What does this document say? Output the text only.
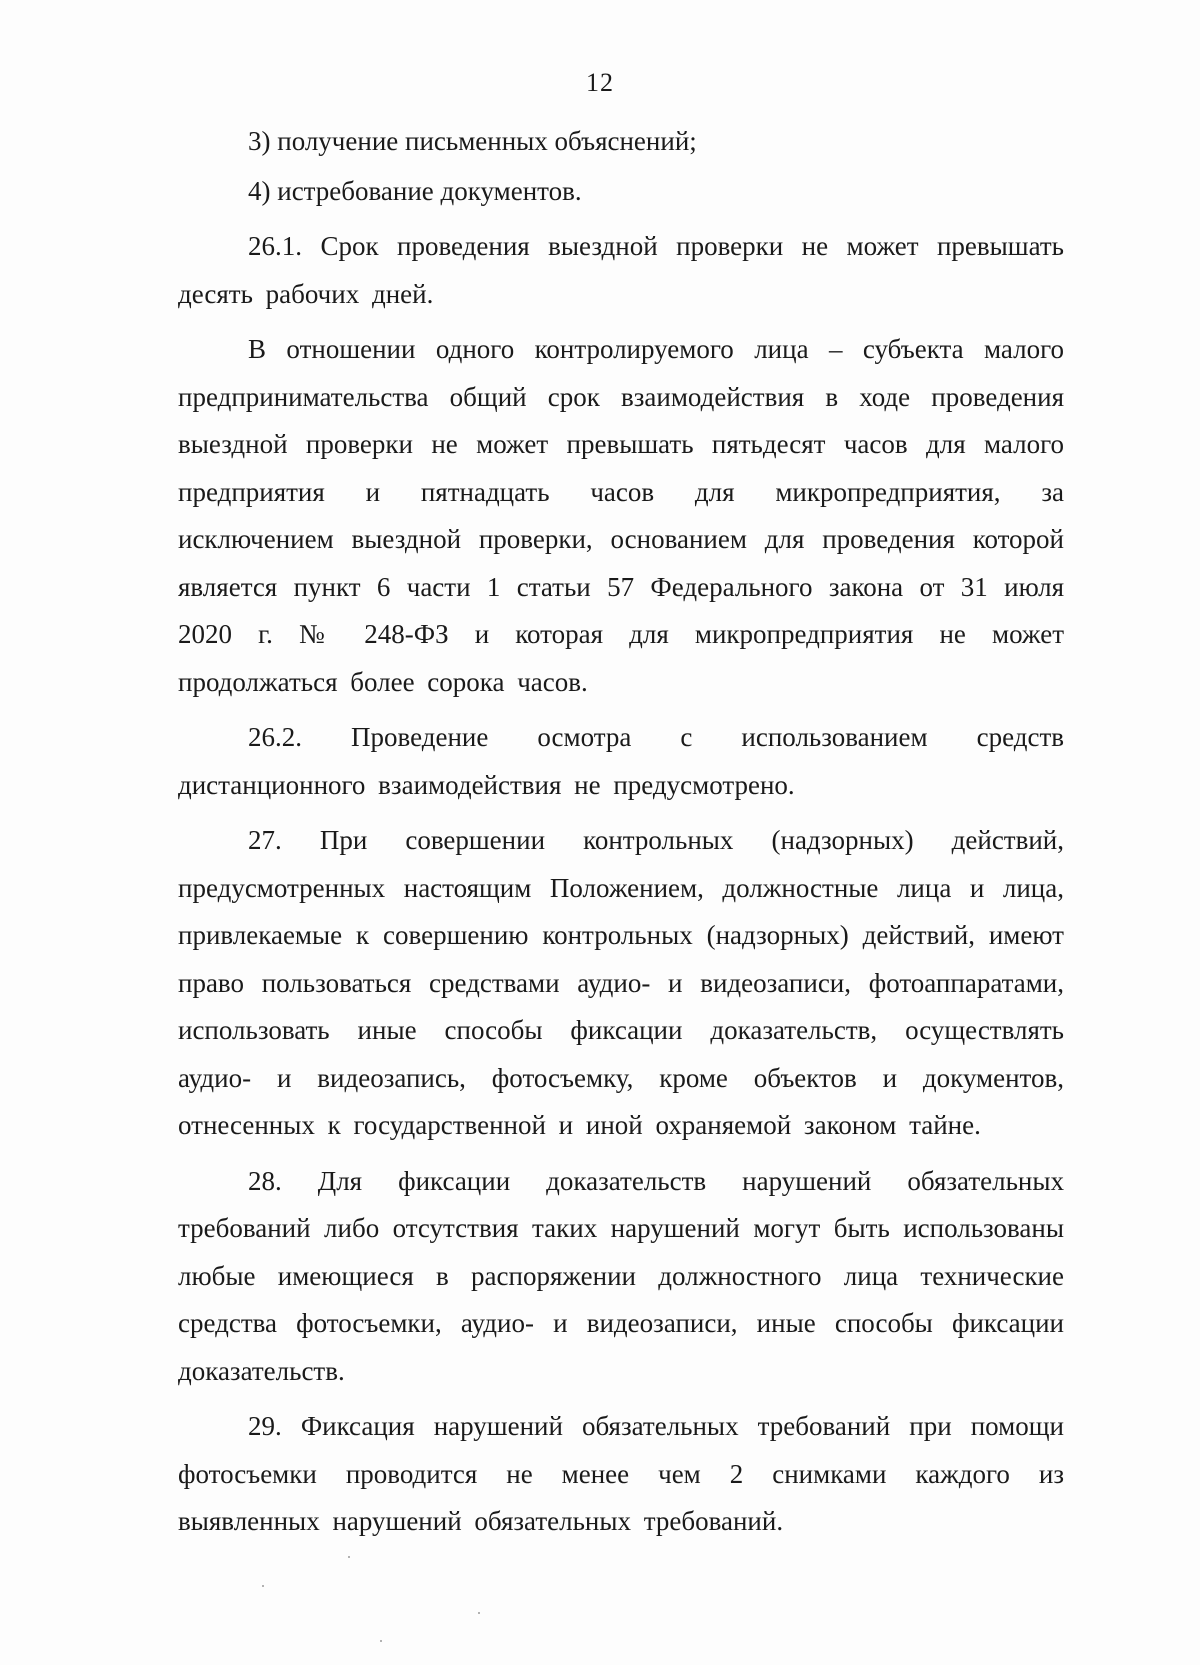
12

3) получение письменных объяснений;

4) истребование документов.

26.1. Срок проведения выездной проверки не может превышать десять рабочих дней.

В отношении одного контролируемого лица – субъекта малого предпринимательства общий срок взаимодействия в ходе проведения выездной проверки не может превышать пятьдесят часов для малого предприятия и пятнадцать часов для микропредприятия, за исключением выездной проверки, основанием для проведения которой является пункт 6 части 1 статьи 57 Федерального закона от 31 июля 2020 г. № 248-ФЗ и которая для микропредприятия не может продолжаться более сорока часов.

26.2. Проведение осмотра с использованием средств дистанционного взаимодействия не предусмотрено.

27. При совершении контрольных (надзорных) действий, предусмотренных настоящим Положением, должностные лица и лица, привлекаемые к совершению контрольных (надзорных) действий, имеют право пользоваться средствами аудио- и видеозаписи, фотоаппаратами, использовать иные способы фиксации доказательств, осуществлять аудио- и видеозапись, фотосъемку, кроме объектов и документов, отнесенных к государственной и иной охраняемой законом тайне.

28. Для фиксации доказательств нарушений обязательных требований либо отсутствия таких нарушений могут быть использованы любые имеющиеся в распоряжении должностного лица технические средства фотосъемки, аудио- и видеозаписи, иные способы фиксации доказательств.

29. Фиксация нарушений обязательных требований при помощи фотосъемки проводится не менее чем 2 снимками каждого из выявленных нарушений обязательных требований.
